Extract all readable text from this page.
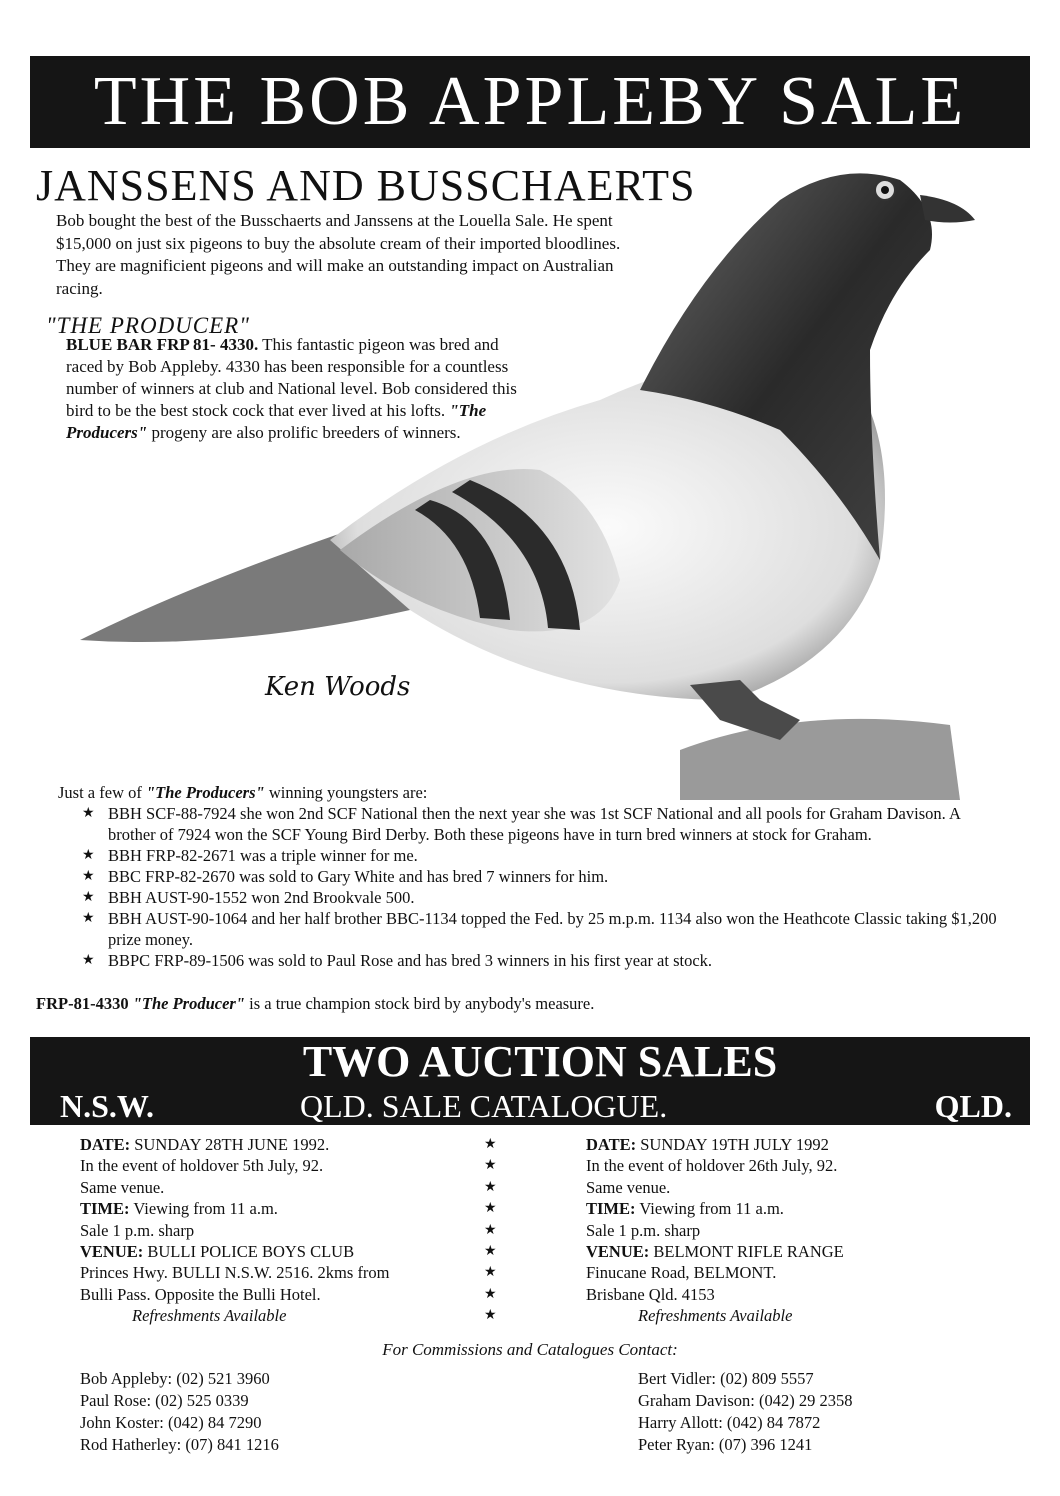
THE BOB APPLEBY SALE
Ken Woods
JANSSENS AND BUSSCHAERTS

Bob bought the best of the Busschaerts and Janssens at the Louella Sale. He spent $15,000 on just six pigeons to buy the absolute cream of their imported bloodlines. They are magnificient pigeons and will make an outstanding impact on Australian racing.

"THE PRODUCER"

BLUE BAR FRP 81- 4330. This fantastic pigeon was bred and raced by Bob Appleby. 4330 has been responsible for a countless number of winners at club and National level. Bob considered this bird to be the best stock cock that ever lived at his lofts. "The Producers" progeny are also prolific breeders of winners.

Just a few of "The Producers" winning youngsters are:
★ BBH SCF-88-7924 she won 2nd SCF National then the next year she was 1st SCF National and all pools for Graham Davison. A brother of 7924 won the SCF Young Bird Derby. Both these pigeons have in turn bred winners at stock for Graham.
★ BBH FRP-82-2671 was a triple winner for me.
★ BBC FRP-82-2670 was sold to Gary White and has bred 7 winners for him.
★ BBH AUST-90-1552 won 2nd Brookvale 500.
★ BBH AUST-90-1064 and her half brother BBC-1134 topped the Fed. by 25 m.p.m. 1134 also won the Heathcote Classic taking $1,200 prize money.
★ BBPC FRP-89-1506 was sold to Paul Rose and has bred 3 winners in his first year at stock.
FRP-81-4330 "The Producer" is a true champion stock bird by anybody's measure.
TWO AUCTION SALES
N.S.W.	QLD. SALE CATALOGUE.	QLD.
DATE: SUNDAY 28TH JUNE 1992.
In the event of holdover 5th July, 92.
Same venue.
TIME: Viewing from 11 a.m.
Sale 1 p.m. sharp
VENUE: BULLI POLICE BOYS CLUB
Princes Hwy. BULLI N.S.W. 2516. 2kms from
Bulli Pass. Opposite the Bulli Hotel.
Refreshments Available
★
★
★
★
★
★
★
★
★
DATE: SUNDAY 19TH JULY 1992
In the event of holdover 26th July, 92.
Same venue.
TIME: Viewing from 11 a.m.
Sale 1 p.m. sharp
VENUE: BELMONT RIFLE RANGE
Finucane Road, BELMONT.
Brisbane Qld. 4153
Refreshments Available
For Commissions and Catalogues Contact:
Bob Appleby: (02) 521 3960
Paul Rose: (02) 525 0339
John Koster: (042) 84 7290
Rod Hatherley: (07) 841 1216
Bert Vidler: (02) 809 5557
Graham Davison: (042) 29 2358
Harry Allott: (042) 84 7872
Peter Ryan: (07) 396 1241
